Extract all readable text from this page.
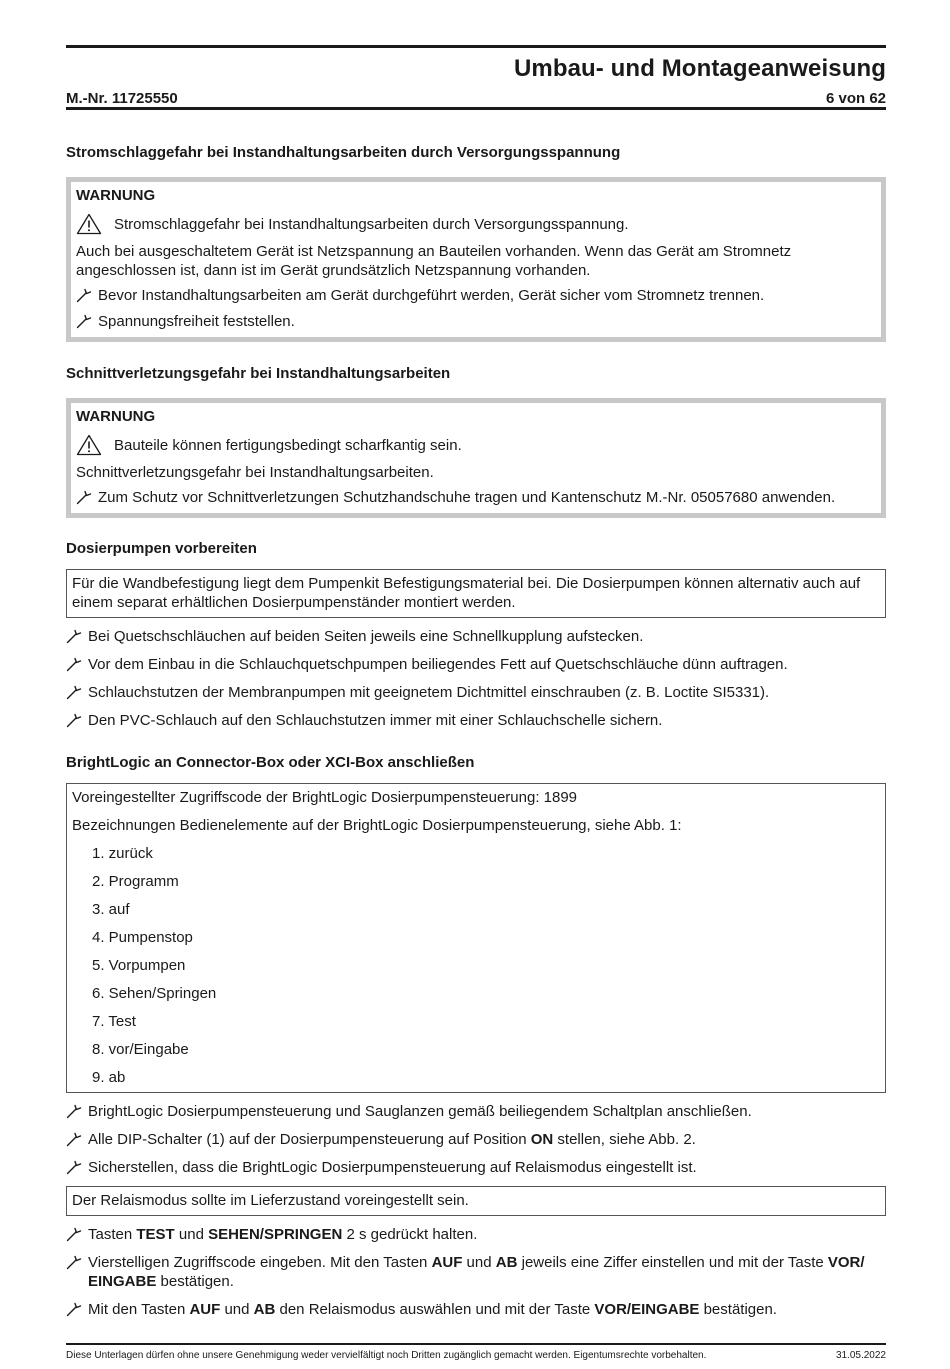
Umbau- und Montageanweisung
M.-Nr. 11725550	6 von 62
Stromschlaggefahr bei Instandhaltungsarbeiten durch Versorgungsspannung
WARNUNG
Stromschlaggefahr bei Instandhaltungsarbeiten durch Versorgungsspannung.
Auch bei ausgeschaltetem Gerät ist Netzspannung an Bauteilen vorhanden. Wenn das Gerät am Stromnetz angeschlossen ist, dann ist im Gerät grundsätzlich Netzspannung vorhanden.
Bevor Instandhaltungsarbeiten am Gerät durchgeführt werden, Gerät sicher vom Stromnetz trennen.
Spannungsfreiheit feststellen.
Schnittverletzungsgefahr bei Instandhaltungsarbeiten
WARNUNG
Bauteile können fertigungsbedingt scharfkantig sein.
Schnittverletzungsgefahr bei Instandhaltungsarbeiten.
Zum Schutz vor Schnittverletzungen Schutzhandschuhe tragen und Kantenschutz M.-Nr. 05057680 anwenden.
Dosierpumpen vorbereiten
Für die Wandbefestigung liegt dem Pumpenkit Befestigungsmaterial bei. Die Dosierpumpen können alternativ auch auf einem separat erhältlichen Dosierpumpenständer montiert werden.
Bei Quetschschläuchen auf beiden Seiten jeweils eine Schnellkupplung aufstecken.
Vor dem Einbau in die Schlauchquetschpumpen beiliegendes Fett auf Quetschschläuche dünn auftragen.
Schlauchstutzen der Membranpumpen mit geeignetem Dichtmittel einschrauben (z. B. Loctite SI5331).
Den PVC-Schlauch auf den Schlauchstutzen immer mit einer Schlauchschelle sichern.
BrightLogic an Connector-Box oder XCI-Box anschließen
Voreingestellter Zugriffscode der BrightLogic Dosierpumpensteuerung: 1899
Bezeichnungen Bedienelemente auf der BrightLogic Dosierpumpensteuerung, siehe Abb. 1:
1. zurück
2. Programm
3. auf
4. Pumpenstop
5. Vorpumpen
6. Sehen/Springen
7. Test
8. vor/Eingabe
9. ab
BrightLogic Dosierpumpensteuerung und Sauglanzen gemäß beiliegendem Schaltplan anschließen.
Alle DIP-Schalter (1) auf der Dosierpumpensteuerung auf Position ON stellen, siehe Abb. 2.
Sicherstellen, dass die BrightLogic Dosierpumpensteuerung auf Relaismodus eingestellt ist.
Der Relaismodus sollte im Lieferzustand voreingestellt sein.
Tasten TEST und SEHEN/SPRINGEN 2 s gedrückt halten.
Vierstelligen Zugriffscode eingeben. Mit den Tasten AUF und AB jeweils eine Ziffer einstellen und mit der Taste VOR/ EINGABE bestätigen.
Mit den Tasten AUF und AB den Relaismodus auswählen und mit der Taste VOR/EINGABE bestätigen.
Diese Unterlagen dürfen ohne unsere Genehmigung weder vervielfältigt noch Dritten zugänglich gemacht werden. Eigentumsrechte vorbehalten.	31.05.2022
